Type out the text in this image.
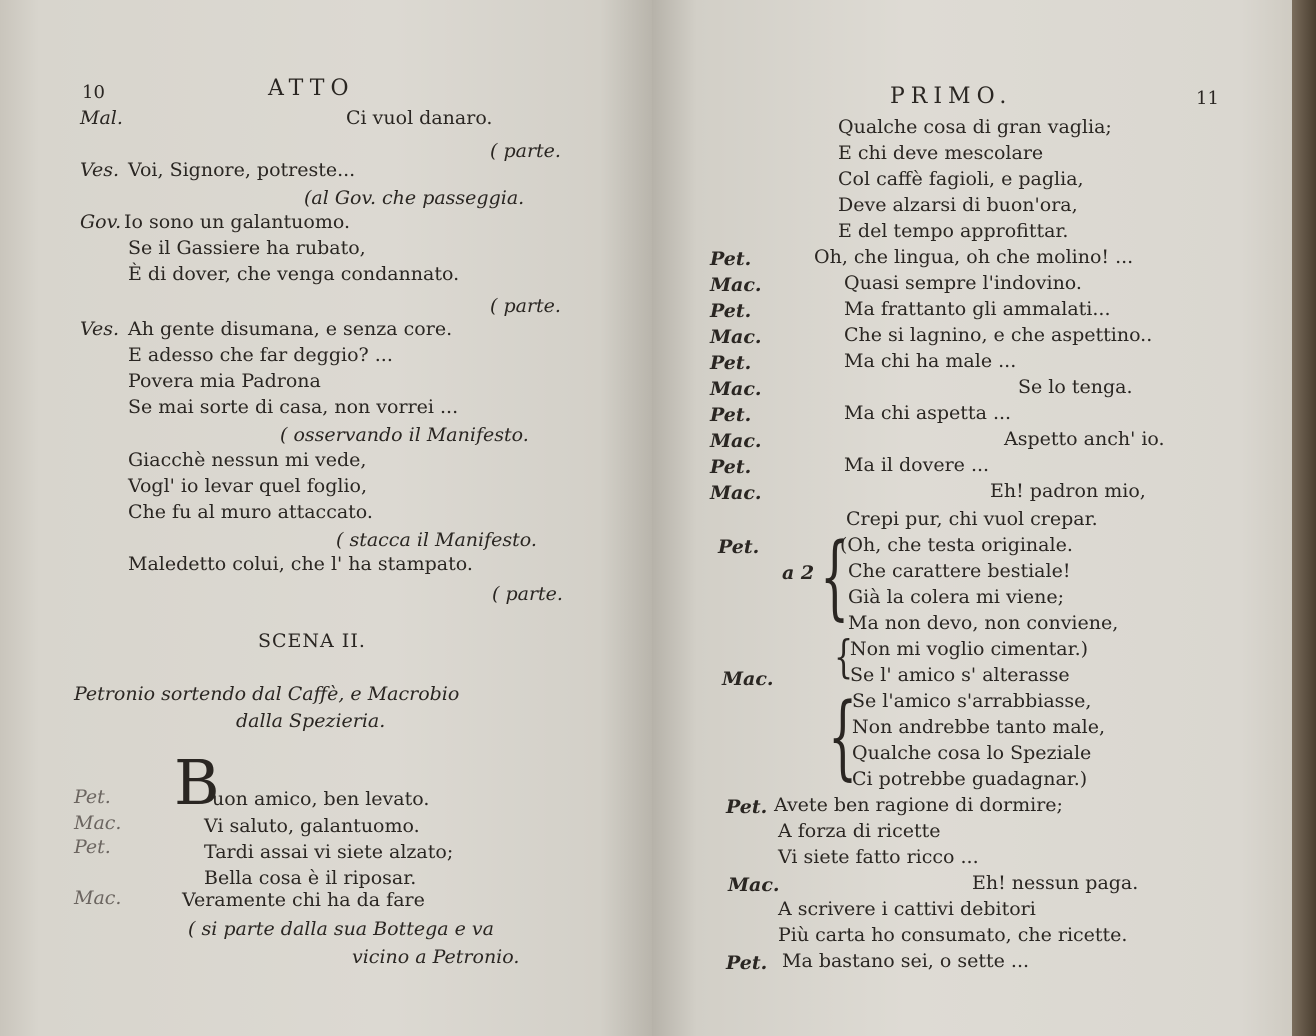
10	ATTO
Mal.	Ci vuol danaro.
( parte.
Ves. Voi, Signore, potreste...
(al Gov. che passeggia.
Gov. Io sono un galantuomo.
Se il Gassiere ha rubato,
È di dover, che venga condannato.
( parte.
Ves. Ah gente disumana, e senza core.
E adesso che far deggio? ...
Povera mia Padrona
Se mai sorte di casa, non vorrei ...
( osservando il Manifesto.
Giacchè nessun mi vede,
Vogl' io levar quel foglio,
Che fu al muro attaccato.
( stacca il Manifesto.
Maledetto colui, che l' ha stampato.
( parte.
SCENA II.
Petronio sortendo dal Caffè, e Macrobio
dalla Spezieria.
Pet. B
uon amico, ben levato.
Mac.	Vi saluto, galantuomo.
Pet.	Tardi assai vi siete alzato;
Bella cosa è il riposar.
Mac.	Veramente chi ha da fare
( si parte dalla sua Bottega e va
vicino a Petronio.
PRIMO.	11
Qualche cosa di gran vaglia;
E chi deve mescolare
Col caffè fagioli, e paglia,
Deve alzarsi di buon'ora,
E del tempo approfittar.
Pet.	Oh, che lingua, oh che molino! ...
Mac.	Quasi sempre l'indovino.
Pet.	Ma frattanto gli ammalati...
Mac.	Che si lagnino, e che aspettino..
Pet.	Ma chi ha male ...
Mac.	Se lo tenga.
Pet.	Ma chi aspetta ...
Mac.	Aspetto anch' io.
Pet.	Ma il dovere ...
Mac.	Eh! padron mio,
Crepi pur, chi vuol crepar.
Pet.
a 2 {
(Oh, che testa originale.
Che carattere bestiale!
Già la colera mi viene;
Ma non devo, non conviene,
{
Non mi voglio cimentar.)
Se l' amico s' alterasse
Mac.
{
Se l'amico s'arrabbiasse,
Non andrebbe tanto male,
Qualche cosa lo Speziale
Ci potrebbe guadagnar.)
Pet. Avete ben ragione di dormire;
A forza di ricette
Vi siete fatto ricco ...
Mac.	Eh! nessun paga.
A scrivere i cattivi debitori
Più carta ho consumato, che ricette.
Pet. Ma bastano sei, o sette ...
